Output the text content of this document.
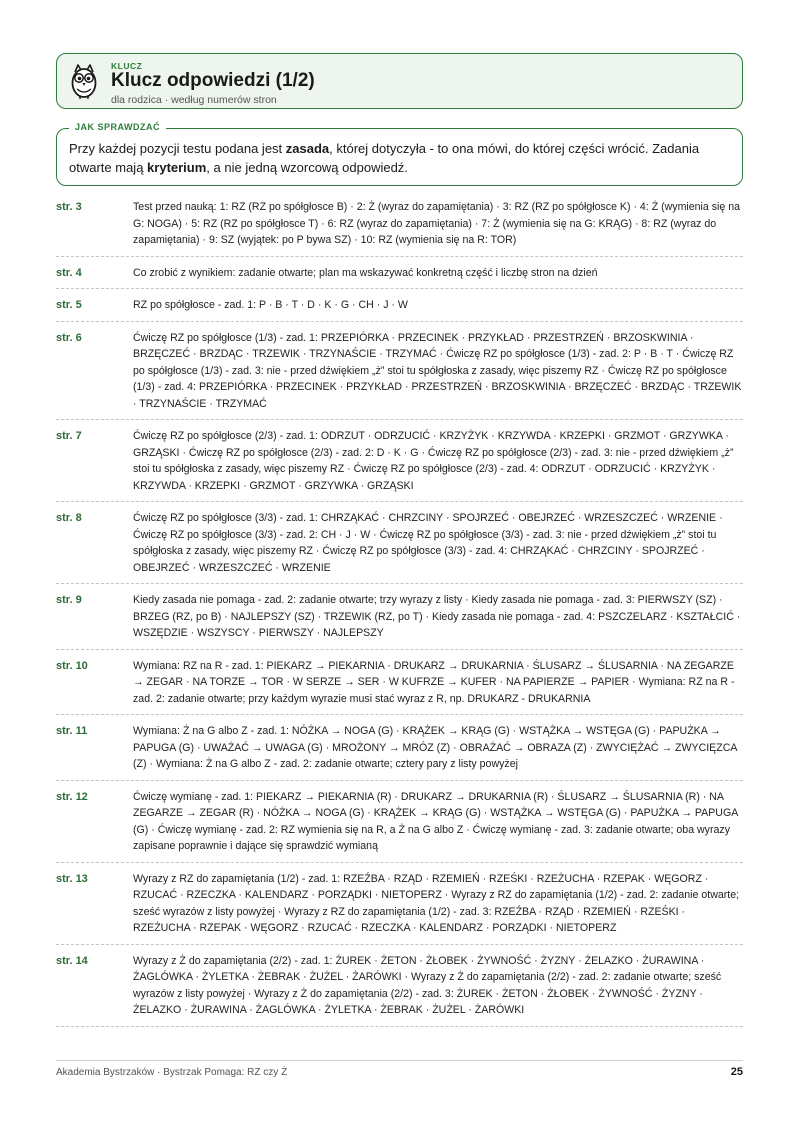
KLUCZ
Klucz odpowiedzi (1/2)
dla rodzica · według numerów stron
JAK SPRAWDZAĆ
Przy każdej pozycji testu podana jest zasada, której dotyczyła - to ona mówi, do której części wrócić. Zadania otwarte mają kryterium, a nie jedną wzorcową odpowiedź.
str. 3	Test przed nauką: 1: RZ (RZ po spółgłosce B) · 2: Ż (wyraz do zapamiętania) · 3: RZ (RZ po spółgłosce K) · 4: Ż (wymienia się na G: NOGA) · 5: RZ (RZ po spółgłosce T) · 6: RZ (wyraz do zapamiętania) · 7: Ż (wymienia się na G: KRĄG) · 8: RZ (wyraz do zapamiętania) · 9: SZ (wyjątek: po P bywa SZ) · 10: RZ (wymienia się na R: TOR)
str. 4	Co zrobić z wynikiem: zadanie otwarte; plan ma wskazywać konkretną część i liczbę stron na dzień
str. 5	RZ po spółgłosce - zad. 1: P · B · T · D · K · G · CH · J · W
str. 6	Ćwiczę RZ po spółgłosce (1/3) - zad. 1: PRZEPIÓRKA · PRZECINEK · PRZYKŁAD · PRZESTRZEŃ · BRZOSKWINIA · BRZĘCZEĆ · BRZDĄC · TRZEWIK · TRZYNAŚCIE · TRZYMAĆ · Ćwiczę RZ po spółgłosce (1/3) - zad. 2: P · B · T · Ćwiczę RZ po spółgłosce (1/3) - zad. 3: nie - przed dźwiękiem „ż” stoi tu spółgłoska z zasady, więc piszemy RZ · Ćwiczę RZ po spółgłosce (1/3) - zad. 4: PRZEPIÓRKA · PRZECINEK · PRZYKŁAD · PRZESTRZEŃ · BRZOSKWINIA · BRZĘCZEĆ · BRZDĄC · TRZEWIK · TRZYNAŚCIE · TRZYMAĆ
str. 7	Ćwiczę RZ po spółgłosce (2/3) - zad. 1: ODRZUT · ODRZUCIĆ · KRZYŻYK · KRZYWDA · KRZEPKI · GRZMOT · GRZYWKA · GRZĄSKI · Ćwiczę RZ po spółgłosce (2/3) - zad. 2: D · K · G · Ćwiczę RZ po spółgłosce (2/3) - zad. 3: nie - przed dźwiękiem „ż” stoi tu spółgłoska z zasady, więc piszemy RZ · Ćwiczę RZ po spółgłosce (2/3) - zad. 4: ODRZUT · ODRZUCIĆ · KRZYŻYK · KRZYWDA · KRZEPKI · GRZMOT · GRZYWKA · GRZĄSKI
str. 8	Ćwiczę RZ po spółgłosce (3/3) - zad. 1: CHRZĄKAĆ · CHRZCINY · SPOJRZEĆ · OBEJRZEĆ · WRZESZCZEĆ · WRZENIE · Ćwiczę RZ po spółgłosce (3/3) - zad. 2: CH · J · W · Ćwiczę RZ po spółgłosce (3/3) - zad. 3: nie - przed dźwiękiem „ż” stoi tu spółgłoska z zasady, więc piszemy RZ · Ćwiczę RZ po spółgłosce (3/3) - zad. 4: CHRZĄKAĆ · CHRZCINY · SPOJRZEĆ · OBEJRZEĆ · WRZESZCZEĆ · WRZENIE
str. 9	Kiedy zasada nie pomaga - zad. 2: zadanie otwarte; trzy wyrazy z listy · Kiedy zasada nie pomaga - zad. 3: PIERWSZY (SZ) · BRZEG (RZ, po B) · NAJLEPSZY (SZ) · TRZEWIK (RZ, po T) · Kiedy zasada nie pomaga - zad. 4: PSZCZELARZ · KSZTAŁCIĆ · WSZĘDZIE · WSZYSCY · PIERWSZY · NAJLEPSZY
str. 10	Wymiana: RZ na R - zad. 1: PIEKARZ → PIEKARNIA · DRUKARZ → DRUKARNIA · ŚLUSARZ → ŚLUSARNIA · NA ZEGARZE → ZEGAR · NA TORZE → TOR · W SERZE → SER · W KUFRZE → KUFER · NA PAPIERZE → PAPIER · Wymiana: RZ na R - zad. 2: zadanie otwarte; przy każdym wyrazie musi stać wyraz z R, np. DRUKARZ - DRUKARNIA
str. 11	Wymiana: Ż na G albo Z - zad. 1: NÓŻKA → NOGA (G) · KRĄŻEK → KRĄG (G) · WSTĄŻKA → WSTĘGA (G) · PAPUŻKA → PAPUGA (G) · UWAŻAĆ → UWAGA (G) · MROŻONY → MRÓZ (Z) · OBRAŻAĆ → OBRAZA (Z) · ZWYCIĘŻAĆ → ZWYCIĘZCA (Z) · Wymiana: Ż na G albo Z - zad. 2: zadanie otwarte; cztery pary z listy powyżej
str. 12	Ćwiczę wymianę - zad. 1: PIEKARZ → PIEKARNIA (R) · DRUKARZ → DRUKARNIA (R) · ŚLUSARZ → ŚLUSARNIA (R) · NA ZEGARZE → ZEGAR (R) · NÓŻKA → NOGA (G) · KRĄŻEK → KRĄG (G) · WSTĄŻKA → WSTĘGA (G) · PAPUŻKA → PAPUGA (G) · Ćwiczę wymianę - zad. 2: RZ wymienia się na R, a Ż na G albo Z · Ćwiczę wymianę - zad. 3: zadanie otwarte; oba wyrazy zapisane poprawnie i dające się sprawdzić wymianą
str. 13	Wyrazy z RZ do zapamiętania (1/2) - zad. 1: RZEŹBA · RZĄD · RZEMIEŃ · RZEŚKI · RZEŻUCHA · RZEPAK · WĘGORZ · RZUCAĆ · RZECZKA · KALENDARZ · PORZĄDKI · NIETOPERZ · Wyrazy z RZ do zapamiętania (1/2) - zad. 2: zadanie otwarte; sześć wyrazów z listy powyżej · Wyrazy z RZ do zapamiętania (1/2) - zad. 3: RZEŹBA · RZĄD · RZEMIEŃ · RZEŚKI · RZEŻUCHA · RZEPAK · WĘGORZ · RZUCAĆ · RZECZKA · KALENDARZ · PORZĄDKI · NIETOPERZ
str. 14	Wyrazy z Ż do zapamiętania (2/2) - zad. 1: ŻUREK · ŻETON · ŻŁOBEK · ŻYWNOŚĆ · ŻYZNY · ŻELAZKO · ŻURAWINA · ŻAGLÓWKA · ŻYLETKA · ŻEBRAK · ŻUŻEL · ŻARÓWKI · Wyrazy z Ż do zapamiętania (2/2) - zad. 2: zadanie otwarte; sześć wyrazów z listy powyżej · Wyrazy z Ż do zapamiętania (2/2) - zad. 3: ŻUREK · ŻETON · ŻŁOBEK · ŻYWNOŚĆ · ŻYZNY · ŻELAZKO · ŻURAWINA · ŻAGLÓWKA · ŻYLETKA · ŻEBRAK · ŻUŻEL · ŻARÓWKI
Akademia Bystrzaków · Bystrzak Pomaga: RZ czy Ż	25
